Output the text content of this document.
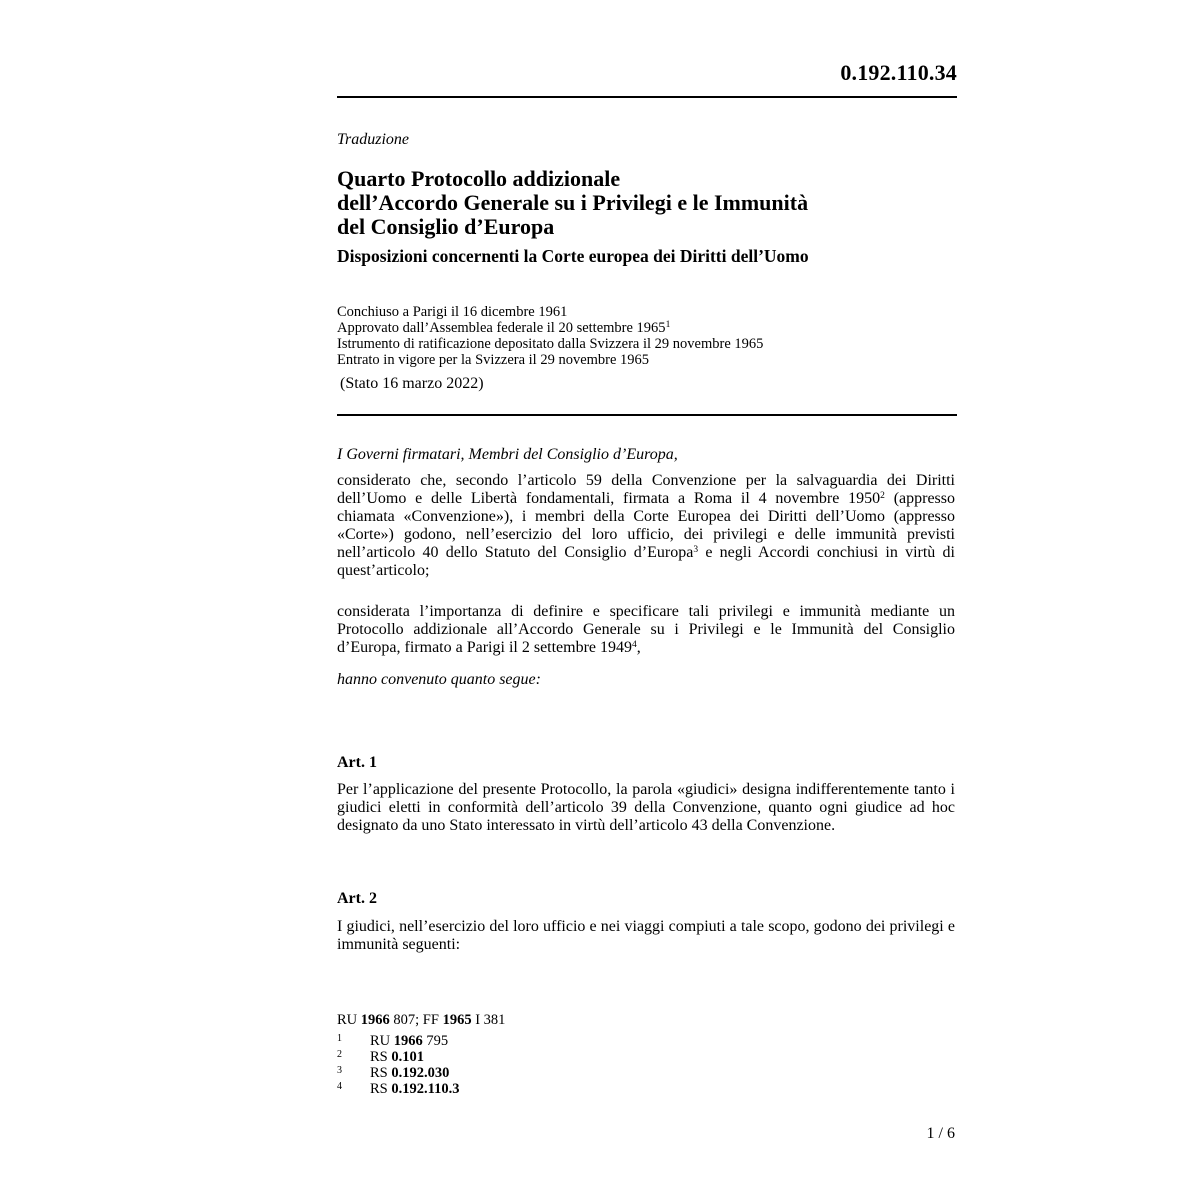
0.192.110.34
Traduzione
Quarto Protocollo addizionale
dell’Accordo Generale su i Privilegi e le Immunità
del Consiglio d’Europa
Disposizioni concernenti la Corte europea dei Diritti dell’Uomo
Conchiuso a Parigi il 16 dicembre 1961
Approvato dall’Assemblea federale il 20 settembre 1965$^1$
Istrumento di ratificazione depositato dalla Svizzera il 29 novembre 1965
Entrato in vigore per la Svizzera il 29 novembre 1965
(Stato 16 marzo 2022)

I Governi firmatari, Membri del Consiglio d’Europa,

considerato che, secondo l’articolo 59 della Convenzione per la salvaguardia dei Diritti dell’Uomo e delle Libertà fondamentali, firmata a Roma il 4 novembre 1950$^2$ (appresso chiamata «Convenzione»), i membri della Corte Europea dei Diritti dell’Uomo (appresso «Corte») godono, nell’esercizio del loro ufficio, dei privilegi e delle immunità previsti nell’articolo 40 dello Statuto del Consiglio d’Europa$^3$ e negli Accordi conchiusi in virtù di quest’articolo;

considerata l’importanza di definire e specificare tali privilegi e immunità mediante un Protocollo addizionale all’Accordo Generale su i Privilegi e le Immunità del Consiglio d’Europa, firmato a Parigi il 2 settembre 1949$^4$,

hanno convenuto quanto segue:

Art. 1

Per l’applicazione del presente Protocollo, la parola «giudici» designa indifferentemente tanto i giudici eletti in conformità dell’articolo 39 della Convenzione, quanto ogni giudice ad hoc designato da uno Stato interessato in virtù dell’articolo 43 della Convenzione.

Art. 2

I giudici, nell’esercizio del loro ufficio e nei viaggi compiuti a tale scopo, godono dei privilegi e immunità seguenti:

RU 1966 807; FF 1965 I 381
1 RU 1966 795
2 RS 0.101
3 RS 0.192.030
4 RS 0.192.110.3
1 / 6
